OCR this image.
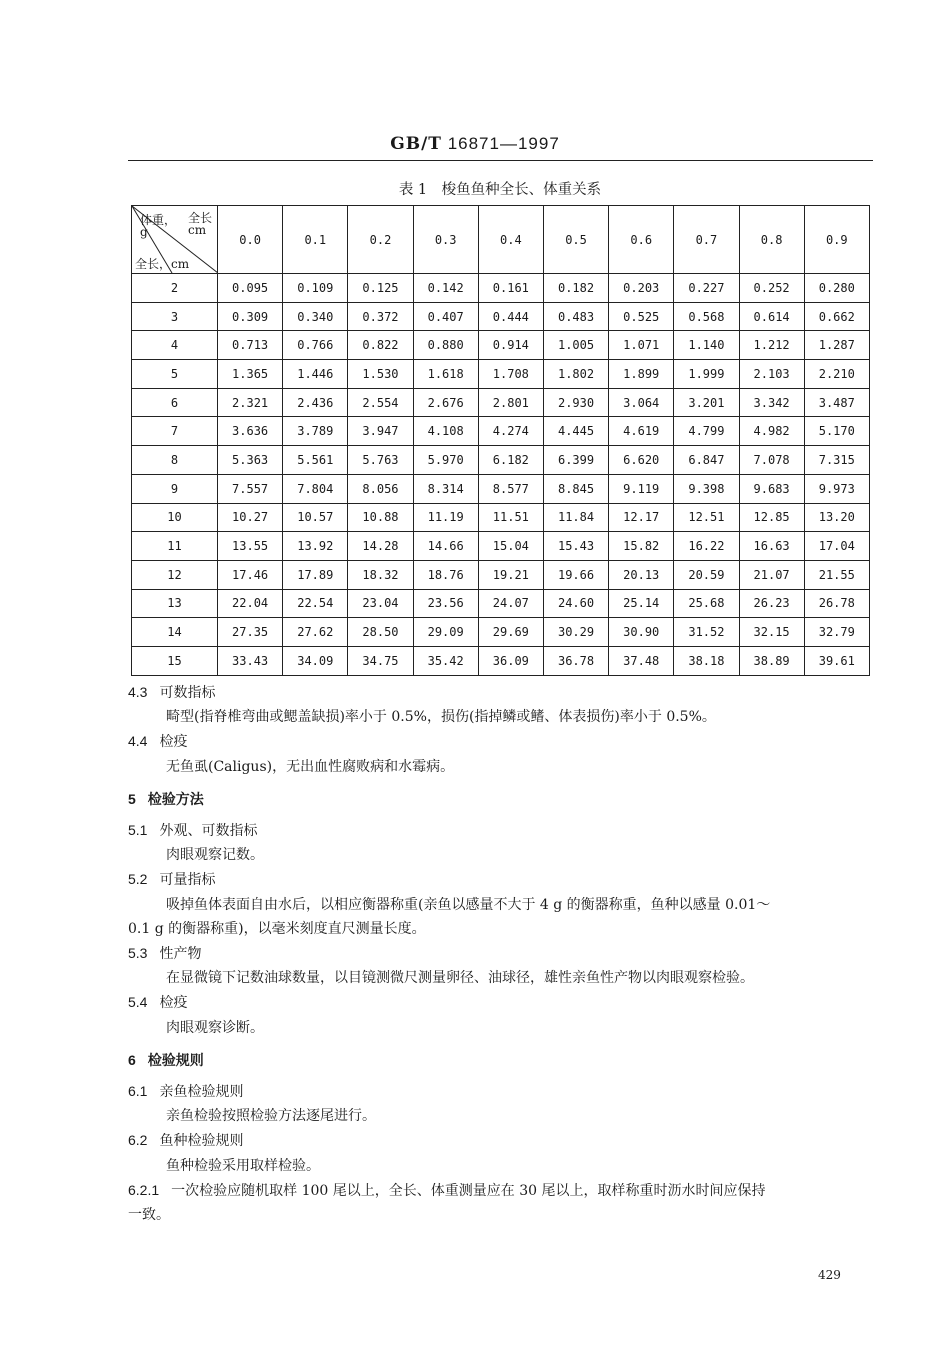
GB/T 16871—1997
表 1　梭鱼鱼种全长、体重关系
体重，g
全长 cm
全长，cm	0.0	0.1	0.2	0.3	0.4	0.5	0.6	0.7	0.8	0.9
2	0.095	0.109	0.125	0.142	0.161	0.182	0.203	0.227	0.252	0.280
3	0.309	0.340	0.372	0.407	0.444	0.483	0.525	0.568	0.614	0.662
4	0.713	0.766	0.822	0.880	0.914	1.005	1.071	1.140	1.212	1.287
5	1.365	1.446	1.530	1.618	1.708	1.802	1.899	1.999	2.103	2.210
6	2.321	2.436	2.554	2.676	2.801	2.930	3.064	3.201	3.342	3.487
7	3.636	3.789	3.947	4.108	4.274	4.445	4.619	4.799	4.982	5.170
8	5.363	5.561	5.763	5.970	6.182	6.399	6.620	6.847	7.078	7.315
9	7.557	7.804	8.056	8.314	8.577	8.845	9.119	9.398	9.683	9.973
10	10.27	10.57	10.88	11.19	11.51	11.84	12.17	12.51	12.85	13.20
11	13.55	13.92	14.28	14.66	15.04	15.43	15.82	16.22	16.63	17.04
12	17.46	17.89	18.32	18.76	19.21	19.66	20.13	20.59	21.07	21.55
13	22.04	22.54	23.04	23.56	24.07	24.60	25.14	25.68	26.23	26.78
14	27.35	27.62	28.50	29.09	29.69	30.29	30.90	31.52	32.15	32.79
15	33.43	34.09	34.75	35.42	36.09	36.78	37.48	38.18	38.89	39.61

4.3 可数指标

畸型(指脊椎弯曲或鳃盖缺损)率小于 0.5%，损伤(指掉鳞或鳍、体表损伤)率小于 0.5%。

4.4 检疫

无鱼虱(Caligus)，无出血性腐败病和水霉病。

5 检验方法

5.1 外观、可数指标

肉眼观察记数。

5.2 可量指标

吸掉鱼体表面自由水后，以相应衡器称重(亲鱼以感量不大于 4 g 的衡器称重，鱼种以感量 0.01～

0.1 g 的衡器称重)，以毫米刻度直尺测量长度。

5.3 性产物

在显微镜下记数油球数量，以目镜测微尺测量卵径、油球径，雄性亲鱼性产物以肉眼观察检验。

5.4 检疫

肉眼观察诊断。

6 检验规则

6.1 亲鱼检验规则

亲鱼检验按照检验方法逐尾进行。

6.2 鱼种检验规则

鱼种检验采用取样检验。

6.2.1 一次检验应随机取样 100 尾以上，全长、体重测量应在 30 尾以上，取样称重时沥水时间应保持

一致。

429
